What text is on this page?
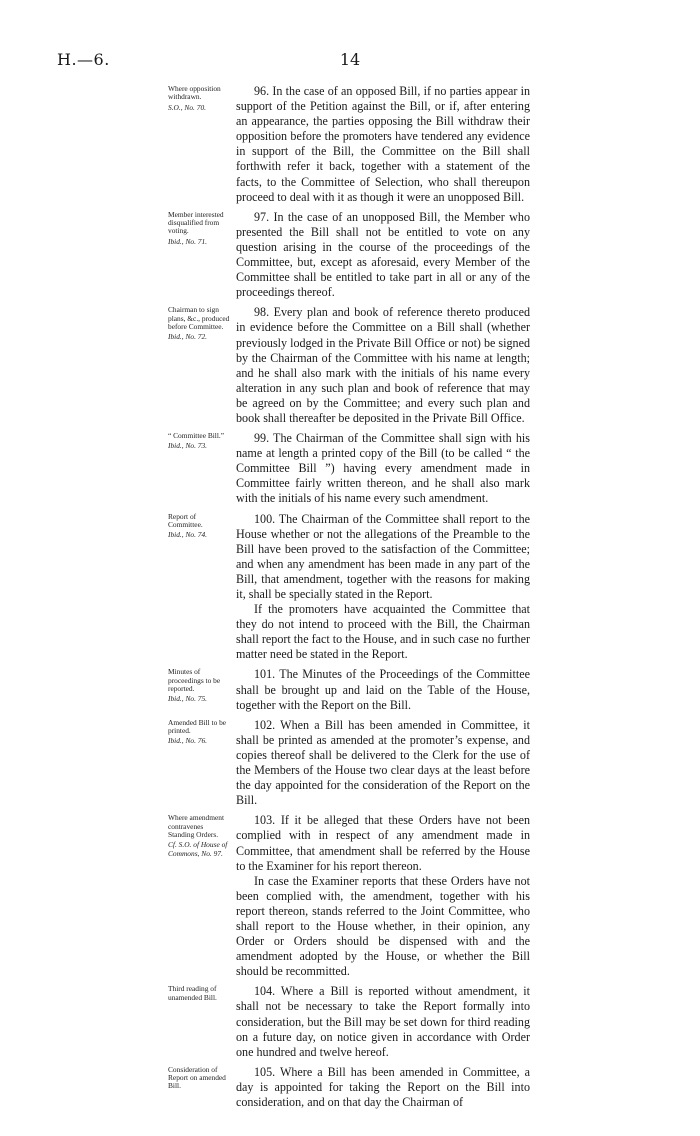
H.—6.	14
Where opposition withdrawn.
S.O., No. 70.

96. In the case of an opposed Bill, if no parties appear in support of the Petition against the Bill, or if, after entering an appearance, the parties opposing the Bill withdraw their opposition before the promoters have tendered any evidence in support of the Bill, the Committee on the Bill shall forthwith refer it back, together with a statement of the facts, to the Committee of Selection, who shall thereupon proceed to deal with it as though it were an unopposed Bill.

Member interested disqualified from voting.
Ibid., No. 71.

97. In the case of an unopposed Bill, the Member who presented the Bill shall not be entitled to vote on any question arising in the course of the proceedings of the Committee, but, except as aforesaid, every Member of the Committee shall be entitled to take part in all or any of the proceedings thereof.

Chairman to sign plans, &c., produced before Committee.
Ibid., No. 72.

98. Every plan and book of reference thereto produced in evidence before the Committee on a Bill shall (whether previously lodged in the Private Bill Office or not) be signed by the Chairman of the Committee with his name at length; and he shall also mark with the initials of his name every alteration in any such plan and book of reference that may be agreed on by the Committee; and every such plan and book shall thereafter be deposited in the Private Bill Office.

“ Committee Bill.”
Ibid., No. 73.

99. The Chairman of the Committee shall sign with his name at length a printed copy of the Bill (to be called “ the Committee Bill ”) having every amendment made in Committee fairly written thereon, and he shall also mark with the initials of his name every such amendment.

Report of Committee.
Ibid., No. 74.

100. The Chairman of the Committee shall report to the House whether or not the allegations of the Preamble to the Bill have been proved to the satisfaction of the Committee; and when any amendment has been made in any part of the Bill, that amendment, together with the reasons for making it, shall be specially stated in the Report.

If the promoters have acquainted the Committee that they do not intend to proceed with the Bill, the Chairman shall report the fact to the House, and in such case no further matter need be stated in the Report.

Minutes of proceedings to be reported.
Ibid., No. 75.

101. The Minutes of the Proceedings of the Committee shall be brought up and laid on the Table of the House, together with the Report on the Bill.

Amended Bill to be printed.
Ibid., No. 76.

102. When a Bill has been amended in Committee, it shall be printed as amended at the promoter’s expense, and copies thereof shall be delivered to the Clerk for the use of the Members of the House two clear days at the least before the day appointed for the consideration of the Report on the Bill.

Where amendment contravenes Standing Orders.
Cf. S.O. of House of Commons, No. 97.

103. If it be alleged that these Orders have not been complied with in respect of any amendment made in Committee, that amendment shall be referred by the House to the Examiner for his report thereon.

In case the Examiner reports that these Orders have not been complied with, the amendment, together with his report thereon, stands referred to the Joint Committee, who shall report to the House whether, in their opinion, any Order or Orders should be dispensed with and the amendment adopted by the House, or whether the Bill should be recommitted.

Third reading of unamended Bill.	104. Where a Bill is reported without amendment, it shall not be necessary to take the Report formally into consideration, but the Bill may be set down for third reading on a future day, on notice given in accordance with Order one hundred and twelve hereof.

Consideration of Report on amended Bill.

105. Where a Bill has been amended in Committee, a day is appointed for taking the Report on the Bill into consideration, and on that day the Chairman of
